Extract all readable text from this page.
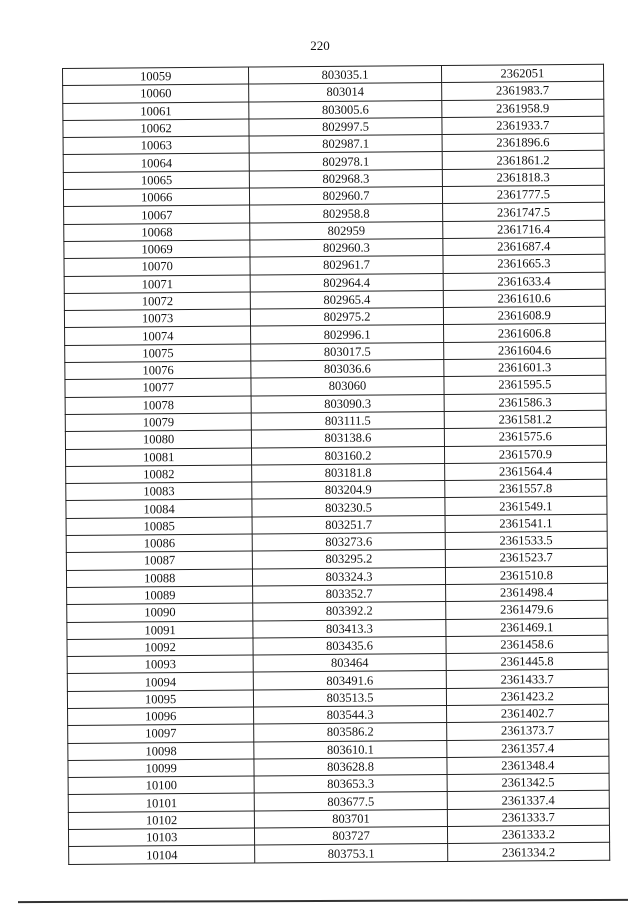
220
10059	803035.1	2362051
10060	803014	2361983.7
10061	803005.6	2361958.9
10062	802997.5	2361933.7
10063	802987.1	2361896.6
10064	802978.1	2361861.2
10065	802968.3	2361818.3
10066	802960.7	2361777.5
10067	802958.8	2361747.5
10068	802959	2361716.4
10069	802960.3	2361687.4
10070	802961.7	2361665.3
10071	802964.4	2361633.4
10072	802965.4	2361610.6
10073	802975.2	2361608.9
10074	802996.1	2361606.8
10075	803017.5	2361604.6
10076	803036.6	2361601.3
10077	803060	2361595.5
10078	803090.3	2361586.3
10079	803111.5	2361581.2
10080	803138.6	2361575.6
10081	803160.2	2361570.9
10082	803181.8	2361564.4
10083	803204.9	2361557.8
10084	803230.5	2361549.1
10085	803251.7	2361541.1
10086	803273.6	2361533.5
10087	803295.2	2361523.7
10088	803324.3	2361510.8
10089	803352.7	2361498.4
10090	803392.2	2361479.6
10091	803413.3	2361469.1
10092	803435.6	2361458.6
10093	803464	2361445.8
10094	803491.6	2361433.7
10095	803513.5	2361423.2
10096	803544.3	2361402.7
10097	803586.2	2361373.7
10098	803610.1	2361357.4
10099	803628.8	2361348.4
10100	803653.3	2361342.5
10101	803677.5	2361337.4
10102	803701	2361333.7
10103	803727	2361333.2
10104	803753.1	2361334.2
